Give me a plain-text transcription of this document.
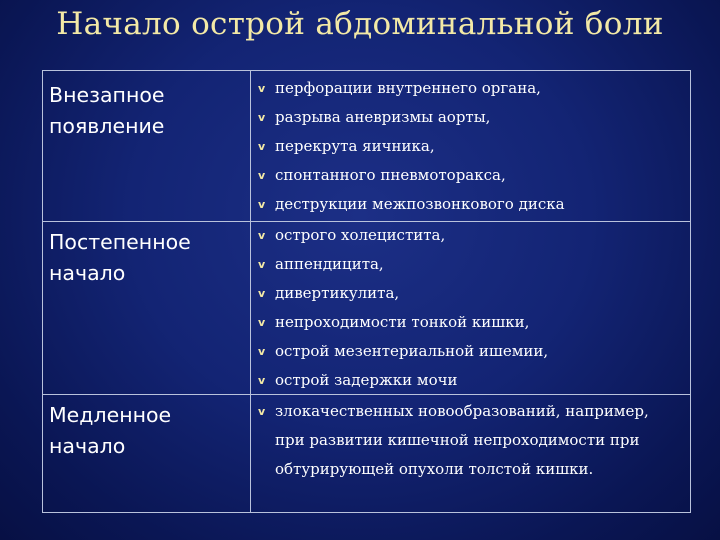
Начало острой абдоминальной боли
Внезапное
появление
v перфорации внутреннего органа,
v разрыва аневризмы аорты,
v перекрута яичника,
v спонтанного пневмоторакса,
v деструкции межпозвонкового диска
Постепенное
начало
v острого холецистита,
v аппендицита,
v дивертикулита,
v непроходимости тонкой кишки,
v острой мезентериальной ишемии,
v острой задержки мочи
Медленное
начало
v злокачественных новообразований, например,
при развитии кишечной непроходимости при
обтурирующей опухоли толстой кишки.
